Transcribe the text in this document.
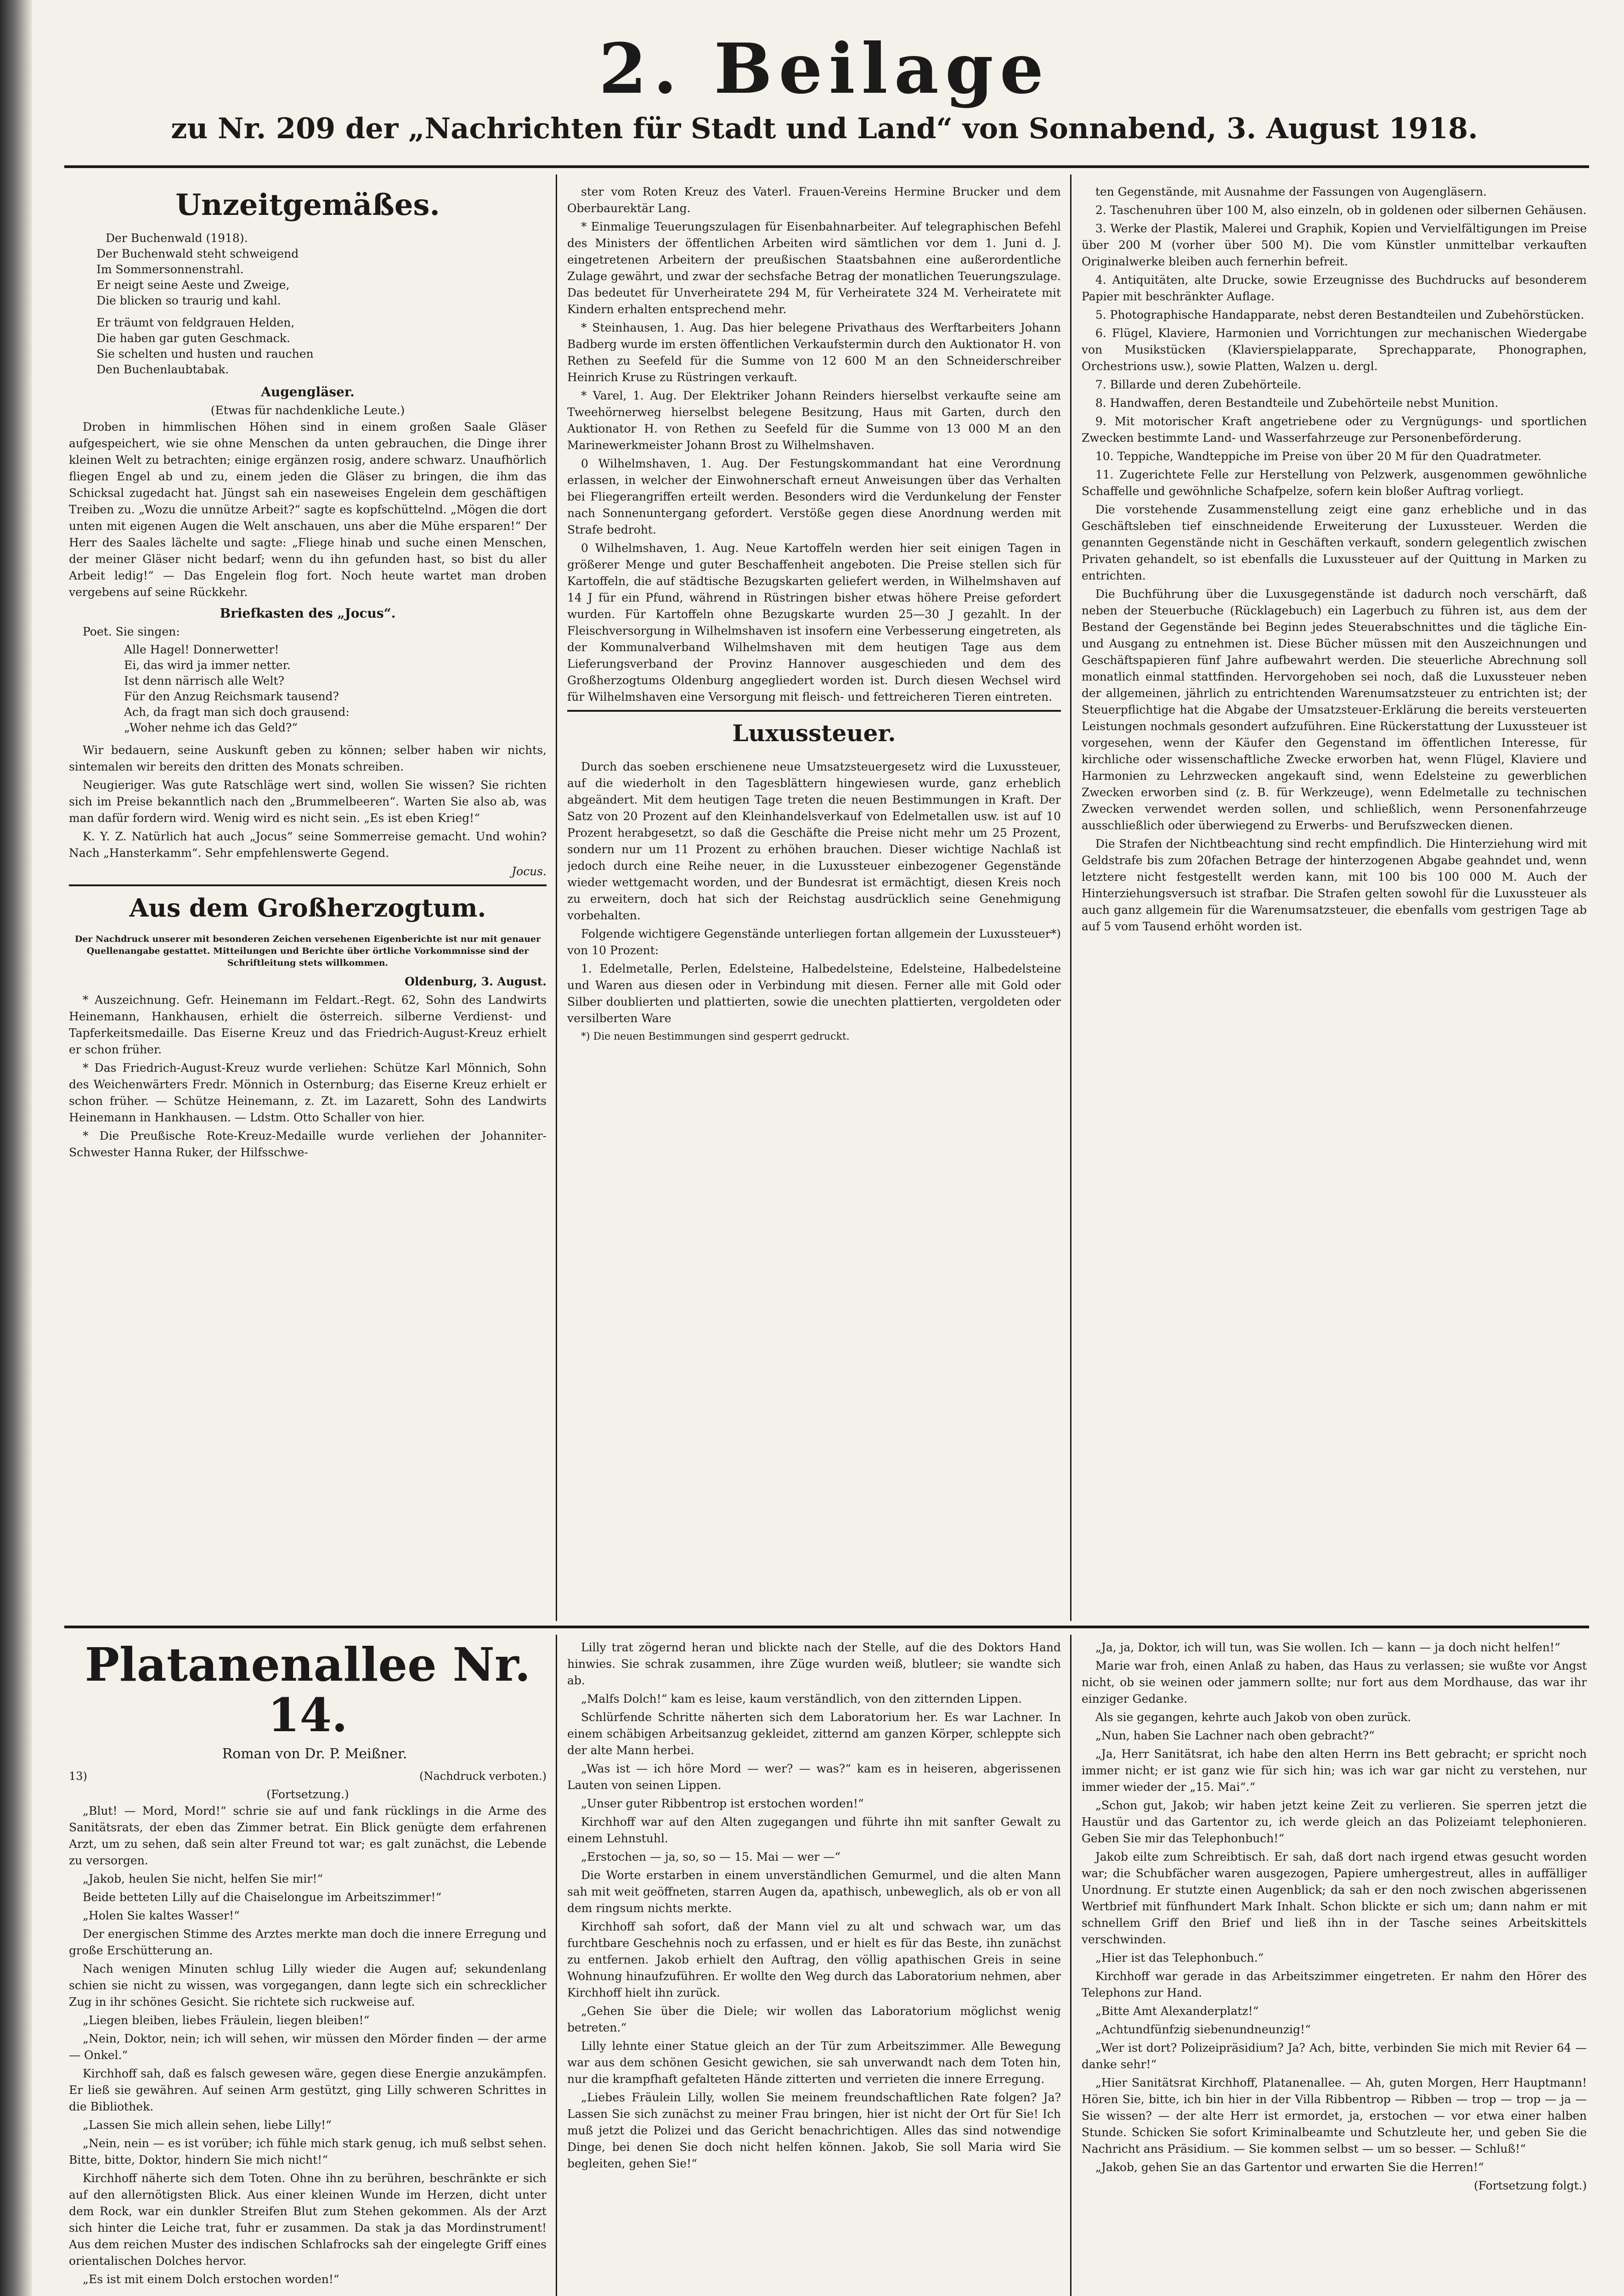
2. Beilage
zu Nr. 209 der „Nachrichten für Stadt und Land“ von Sonnabend, 3. August 1918.
Unzeitgemäßes.
Der Buchenwald (1918).
Der Buchenwald steht schweigend
Im Sommersonnenstrahl.
Er neigt seine Aeste und Zweige,
Die blicken so traurig und kahl.
Er träumt von feldgrauen Helden,
Die haben gar guten Geschmack.
Sie schelten und husten und rauchen
Den Buchenlaubtabak.
Augengläser.
(Etwas für nachdenkliche Leute.)

Droben in himmlischen Höhen sind in einem großen Saale Gläser aufgespeichert, wie sie ohne Menschen da unten gebrauchen, die Dinge ihrer kleinen Welt zu betrachten; einige ergänzen rosig, andere schwarz. Unaufhörlich fliegen Engel ab und zu, einem jeden die Gläser zu bringen, die ihm das Schicksal zugedacht hat. Jüngst sah ein naseweises Engelein dem geschäftigen Treiben zu. „Wozu die unnütze Arbeit?“ sagte es kopfschüttelnd. „Mögen die dort unten mit eigenen Augen die Welt anschauen, uns aber die Mühe ersparen!“ Der Herr des Saales lächelte und sagte: „Fliege hinab und suche einen Menschen, der meiner Gläser nicht bedarf; wenn du ihn gefunden hast, so bist du aller Arbeit ledig!“ — Das Engelein flog fort. Noch heute wartet man droben vergebens auf seine Rückkehr.

Briefkasten des „Jocus“.

Poet. Sie singen:

Alle Hagel! Donnerwetter!
Ei, das wird ja immer netter.
Ist denn närrisch alle Welt?
Für den Anzug Reichsmark tausend?
Ach, da fragt man sich doch grausend:
„Woher nehme ich das Geld?“

Wir bedauern, seine Auskunft geben zu können; selber haben wir nichts, sintemalen wir bereits den dritten des Monats schreiben.

Neugieriger. Was gute Ratschläge wert sind, wollen Sie wissen? Sie richten sich im Preise bekanntlich nach den „Brummelbeeren“. Warten Sie also ab, was man dafür fordern wird. Wenig wird es nicht sein. „Es ist eben Krieg!“

K. Y. Z. Natürlich hat auch „Jocus“ seine Sommerreise gemacht. Und wohin? Nach „Hansterkamm“. Sehr empfehlenswerte Gegend.

Jocus.

Aus dem Großherzogtum.
Der Nachdruck unserer mit besonderen Zeichen versehenen Eigenberichte ist nur mit genauer Quellenangabe gestattet. Mitteilungen und Berichte über örtliche Vorkommnisse sind der Schriftleitung stets willkommen.
Oldenburg, 3. August.

* Auszeichnung. Gefr. Heinemann im Feldart.-Regt. 62, Sohn des Landwirts Heinemann, Hankhausen, erhielt die österreich. silberne Verdienst- und Tapferkeitsmedaille. Das Eiserne Kreuz und das Friedrich-August-Kreuz erhielt er schon früher.

* Das Friedrich-August-Kreuz wurde verliehen: Schütze Karl Mönnich, Sohn des Weichenwärters Fredr. Mönnich in Osternburg; das Eiserne Kreuz erhielt er schon früher. — Schütze Heinemann, z. Zt. im Lazarett, Sohn des Landwirts Heinemann in Hankhausen. — Ldstm. Otto Schaller von hier.

* Die Preußische Rote-Kreuz-Medaille wurde verliehen der Johanniter-Schwester Hanna Ruker, der Hilfsschwe-

ster vom Roten Kreuz des Vaterl. Frauen-Vereins Hermine Brucker und dem Oberbaurektär Lang.

* Einmalige Teuerungszulagen für Eisenbahnarbeiter. Auf telegraphischen Befehl des Ministers der öffentlichen Arbeiten wird sämtlichen vor dem 1. Juni d. J. eingetretenen Arbeitern der preußischen Staatsbahnen eine außerordentliche Zulage gewährt, und zwar der sechsfache Betrag der monatlichen Teuerungszulage. Das bedeutet für Unverheiratete 294 M, für Verheiratete 324 M. Verheiratete mit Kindern erhalten entsprechend mehr.

* Steinhausen, 1. Aug. Das hier belegene Privathaus des Werftarbeiters Johann Badberg wurde im ersten öffentlichen Verkaufstermin durch den Auktionator H. von Rethen zu Seefeld für die Summe von 12 600 M an den Schneiderschreiber Heinrich Kruse zu Rüstringen verkauft.

* Varel, 1. Aug. Der Elektriker Johann Reinders hierselbst verkaufte seine am Tweehörnerweg hierselbst belegene Besitzung, Haus mit Garten, durch den Auktionator H. von Rethen zu Seefeld für die Summe von 13 000 M an den Marinewerkmeister Johann Brost zu Wilhelmshaven.

0 Wilhelmshaven, 1. Aug. Der Festungskommandant hat eine Verordnung erlassen, in welcher der Einwohnerschaft erneut Anweisungen über das Verhalten bei Fliegerangriffen erteilt werden. Besonders wird die Verdunkelung der Fenster nach Sonnenuntergang gefordert. Verstöße gegen diese Anordnung werden mit Strafe bedroht.

0 Wilhelmshaven, 1. Aug. Neue Kartoffeln werden hier seit einigen Tagen in größerer Menge und guter Beschaffenheit angeboten. Die Preise stellen sich für Kartoffeln, die auf städtische Bezugskarten geliefert werden, in Wilhelmshaven auf 14 J für ein Pfund, während in Rüstringen bisher etwas höhere Preise gefordert wurden. Für Kartoffeln ohne Bezugskarte wurden 25—30 J gezahlt. In der Fleischversorgung in Wilhelmshaven ist insofern eine Verbesserung eingetreten, als der Kommunalverband Wilhelmshaven mit dem heutigen Tage aus dem Lieferungsverband der Provinz Hannover ausgeschieden und dem des Großherzogtums Oldenburg angegliedert worden ist. Durch diesen Wechsel wird für Wilhelmshaven eine Versorgung mit fleisch- und fettreicheren Tieren eintreten.

Luxussteuer.

Durch das soeben erschienene neue Umsatzsteuergesetz wird die Luxussteuer, auf die wiederholt in den Tagesblättern hingewiesen wurde, ganz erheblich abgeändert. Mit dem heutigen Tage treten die neuen Bestimmungen in Kraft. Der Satz von 20 Prozent auf den Kleinhandelsverkauf von Edelmetallen usw. ist auf 10 Prozent herabgesetzt, so daß die Geschäfte die Preise nicht mehr um 25 Prozent, sondern nur um 11 Prozent zu erhöhen brauchen. Dieser wichtige Nachlaß ist jedoch durch eine Reihe neuer, in die Luxussteuer einbezogener Gegenstände wieder wettgemacht worden, und der Bundesrat ist ermächtigt, diesen Kreis noch zu erweitern, doch hat sich der Reichstag ausdrücklich seine Genehmigung vorbehalten.

Folgende wichtigere Gegenstände unterliegen fortan allgemein der Luxussteuer*) von 10 Prozent:

1. Edelmetalle, Perlen, Edelsteine, Halbedelsteine, Edelsteine, Halbedelsteine und Waren aus diesen oder in Verbindung mit diesen. Ferner alle mit Gold oder Silber doublierten und plattierten, sowie die unechten plattierten, vergoldeten oder versilberten Ware

*) Die neuen Bestimmungen sind gesperrt gedruckt.

ten Gegenstände, mit Ausnahme der Fassungen von Augengläsern.

2. Taschenuhren über 100 M, also einzeln, ob in goldenen oder silbernen Gehäusen.

3. Werke der Plastik, Malerei und Graphik, Kopien und Vervielfältigungen im Preise über 200 M (vorher über 500 M). Die vom Künstler unmittelbar verkauften Originalwerke bleiben auch fernerhin befreit.

4. Antiquitäten, alte Drucke, sowie Erzeugnisse des Buchdrucks auf besonderem Papier mit beschränkter Auflage.

5. Photographische Handapparate, nebst deren Bestandteilen und Zubehörstücken.

6. Flügel, Klaviere, Harmonien und Vorrichtungen zur mechanischen Wiedergabe von Musikstücken (Klavierspielapparate, Sprechapparate, Phonographen, Orchestrions usw.), sowie Platten, Walzen u. dergl.

7. Billarde und deren Zubehörteile.

8. Handwaffen, deren Bestandteile und Zubehörteile nebst Munition.

9. Mit motorischer Kraft angetriebene oder zu Vergnügungs- und sportlichen Zwecken bestimmte Land- und Wasserfahrzeuge zur Personenbeförderung.

10. Teppiche, Wandteppiche im Preise von über 20 M für den Quadratmeter.

11. Zugerichtete Felle zur Herstellung von Pelzwerk, ausgenommen gewöhnliche Schaffelle und gewöhnliche Schafpelze, sofern kein bloßer Auftrag vorliegt.

Die vorstehende Zusammenstellung zeigt eine ganz erhebliche und in das Geschäftsleben tief einschneidende Erweiterung der Luxussteuer. Werden die genannten Gegenstände nicht in Geschäften verkauft, sondern gelegentlich zwischen Privaten gehandelt, so ist ebenfalls die Luxussteuer auf der Quittung in Marken zu entrichten.

Die Buchführung über die Luxusgegenstände ist dadurch noch verschärft, daß neben der Steuerbuche (Rücklagebuch) ein Lagerbuch zu führen ist, aus dem der Bestand der Gegenstände bei Beginn jedes Steuerabschnittes und die tägliche Ein- und Ausgang zu entnehmen ist. Diese Bücher müssen mit den Auszeichnungen und Geschäftspapieren fünf Jahre aufbewahrt werden. Die steuerliche Abrechnung soll monatlich einmal stattfinden. Hervorgehoben sei noch, daß die Luxussteuer neben der allgemeinen, jährlich zu entrichtenden Warenumsatzsteuer zu entrichten ist; der Steuerpflichtige hat die Abgabe der Umsatzsteuer-Erklärung die bereits versteuerten Leistungen nochmals gesondert aufzuführen. Eine Rückerstattung der Luxussteuer ist vorgesehen, wenn der Käufer den Gegenstand im öffentlichen Interesse, für kirchliche oder wissenschaftliche Zwecke erworben hat, wenn Flügel, Klaviere und Harmonien zu Lehrzwecken angekauft sind, wenn Edelsteine zu gewerblichen Zwecken erworben sind (z. B. für Werkzeuge), wenn Edelmetalle zu technischen Zwecken verwendet werden sollen, und schließlich, wenn Personenfahrzeuge ausschließlich oder überwiegend zu Erwerbs- und Berufszwecken dienen.

Die Strafen der Nichtbeachtung sind recht empfindlich. Die Hinterziehung wird mit Geldstrafe bis zum 20fachen Betrage der hinterzogenen Abgabe geahndet und, wenn letztere nicht festgestellt werden kann, mit 100 bis 100 000 M. Auch der Hinterziehungsversuch ist strafbar. Die Strafen gelten sowohl für die Luxussteuer als auch ganz allgemein für die Warenumsatzsteuer, die ebenfalls vom gestrigen Tage ab auf 5 vom Tausend erhöht worden ist.

Platanenallee Nr. 14.

Roman von Dr. P. Meißner.

13)	(Nachdruck verboten.)
(Fortsetzung.)

„Blut! — Mord, Mord!“ schrie sie auf und fank rücklings in die Arme des Sanitätsrats, der eben das Zimmer betrat. Ein Blick genügte dem erfahrenen Arzt, um zu sehen, daß sein alter Freund tot war; es galt zunächst, die Lebende zu versorgen.

„Jakob, heulen Sie nicht, helfen Sie mir!“

Beide betteten Lilly auf die Chaiselongue im Arbeitszimmer!“

„Holen Sie kaltes Wasser!“

Der energischen Stimme des Arztes merkte man doch die innere Erregung und große Erschütterung an.

Nach wenigen Minuten schlug Lilly wieder die Augen auf; sekundenlang schien sie nicht zu wissen, was vorgegangen, dann legte sich ein schrecklicher Zug in ihr schönes Gesicht. Sie richtete sich ruckweise auf.

„Liegen bleiben, liebes Fräulein, liegen bleiben!“

„Nein, Doktor, nein; ich will sehen, wir müssen den Mörder finden — der arme — Onkel.“

Kirchhoff sah, daß es falsch gewesen wäre, gegen diese Energie anzukämpfen. Er ließ sie gewähren. Auf seinen Arm gestützt, ging Lilly schweren Schrittes in die Bibliothek.

„Lassen Sie mich allein sehen, liebe Lilly!“

„Nein, nein — es ist vorüber; ich fühle mich stark genug, ich muß selbst sehen. Bitte, bitte, Doktor, hindern Sie mich nicht!“

Kirchhoff näherte sich dem Toten. Ohne ihn zu berühren, beschränkte er sich auf den allernötigsten Blick. Aus einer kleinen Wunde im Herzen, dicht unter dem Rock, war ein dunkler Streifen Blut zum Stehen gekommen. Als der Arzt sich hinter die Leiche trat, fuhr er zusammen. Da stak ja das Mordinstrument! Aus dem reichen Muster des indischen Schlafrocks sah der eingelegte Griff eines orientalischen Dolches hervor.

„Es ist mit einem Dolch erstochen worden!“

Lilly trat zögernd heran und blickte nach der Stelle, auf die des Doktors Hand hinwies. Sie schrak zusammen, ihre Züge wurden weiß, blutleer; sie wandte sich ab.

„Malfs Dolch!“ kam es leise, kaum verständlich, von den zitternden Lippen.

Schlürfende Schritte näherten sich dem Laboratorium her. Es war Lachner. In einem schäbigen Arbeitsanzug gekleidet, zitternd am ganzen Körper, schleppte sich der alte Mann herbei.

„Was ist — ich höre Mord — wer? — was?“ kam es in heiseren, abgerissenen Lauten von seinen Lippen.

„Unser guter Ribbentrop ist erstochen worden!“

Kirchhoff war auf den Alten zugegangen und führte ihn mit sanfter Gewalt zu einem Lehnstuhl.

„Erstochen — ja, so, so — 15. Mai — wer —“

Die Worte erstarben in einem unverständlichen Gemurmel, und die alten Mann sah mit weit geöffneten, starren Augen da, apathisch, unbeweglich, als ob er von all dem ringsum nichts merkte.

Kirchhoff sah sofort, daß der Mann viel zu alt und schwach war, um das furchtbare Geschehnis noch zu erfassen, und er hielt es für das Beste, ihn zunächst zu entfernen. Jakob erhielt den Auftrag, den völlig apathischen Greis in seine Wohnung hinaufzuführen. Er wollte den Weg durch das Laboratorium nehmen, aber Kirchhoff hielt ihn zurück.

„Gehen Sie über die Diele; wir wollen das Laboratorium möglichst wenig betreten.“

Lilly lehnte einer Statue gleich an der Tür zum Arbeitszimmer. Alle Bewegung war aus dem schönen Gesicht gewichen, sie sah unverwandt nach dem Toten hin, nur die krampfhaft gefalteten Hände zitterten und verrieten die innere Erregung.

„Liebes Fräulein Lilly, wollen Sie meinem freundschaftlichen Rate folgen? Ja? Lassen Sie sich zunächst zu meiner Frau bringen, hier ist nicht der Ort für Sie! Ich muß jetzt die Polizei und das Gericht benachrichtigen. Alles das sind notwendige Dinge, bei denen Sie doch nicht helfen können. Jakob, Sie soll Maria wird Sie begleiten, gehen Sie!“

„Ja, ja, Doktor, ich will tun, was Sie wollen. Ich — kann — ja doch nicht helfen!“

Marie war froh, einen Anlaß zu haben, das Haus zu verlassen; sie wußte vor Angst nicht, ob sie weinen oder jammern sollte; nur fort aus dem Mordhause, das war ihr einziger Gedanke.

Als sie gegangen, kehrte auch Jakob von oben zurück.

„Nun, haben Sie Lachner nach oben gebracht?“

„Ja, Herr Sanitätsrat, ich habe den alten Herrn ins Bett gebracht; er spricht noch immer nicht; er ist ganz wie für sich hin; was ich war gar nicht zu verstehen, nur immer wieder der „15. Mai“.“

„Schon gut, Jakob; wir haben jetzt keine Zeit zu verlieren. Sie sperren jetzt die Haustür und das Gartentor zu, ich werde gleich an das Polizeiamt telephonieren. Geben Sie mir das Telephonbuch!“

Jakob eilte zum Schreibtisch. Er sah, daß dort nach irgend etwas gesucht worden war; die Schubfächer waren ausgezogen, Papiere umhergestreut, alles in auffälliger Unordnung. Er stutzte einen Augenblick; da sah er den noch zwischen abgerissenen Wertbrief mit fünfhundert Mark Inhalt. Schon blickte er sich um; dann nahm er mit schnellem Griff den Brief und ließ ihn in der Tasche seines Arbeitskittels verschwinden.

„Hier ist das Telephonbuch.“

Kirchhoff war gerade in das Arbeitszimmer eingetreten. Er nahm den Hörer des Telephons zur Hand.

„Bitte Amt Alexanderplatz!“

„Achtundfünfzig siebenundneunzig!“

„Wer ist dort? Polizeipräsidium? Ja? Ach, bitte, verbinden Sie mich mit Revier 64 — danke sehr!“

„Hier Sanitätsrat Kirchhoff, Platanenallee. — Ah, guten Morgen, Herr Hauptmann! Hören Sie, bitte, ich bin hier in der Villa Ribbentrop — Ribben — trop — trop — ja — Sie wissen? — der alte Herr ist ermordet, ja, erstochen — vor etwa einer halben Stunde. Schicken Sie sofort Kriminalbeamte und Schutzleute her, und geben Sie die Nachricht ans Präsidium. — Sie kommen selbst — um so besser. — Schluß!“

„Jakob, gehen Sie an das Gartentor und erwarten Sie die Herren!“

(Fortsetzung folgt.)
